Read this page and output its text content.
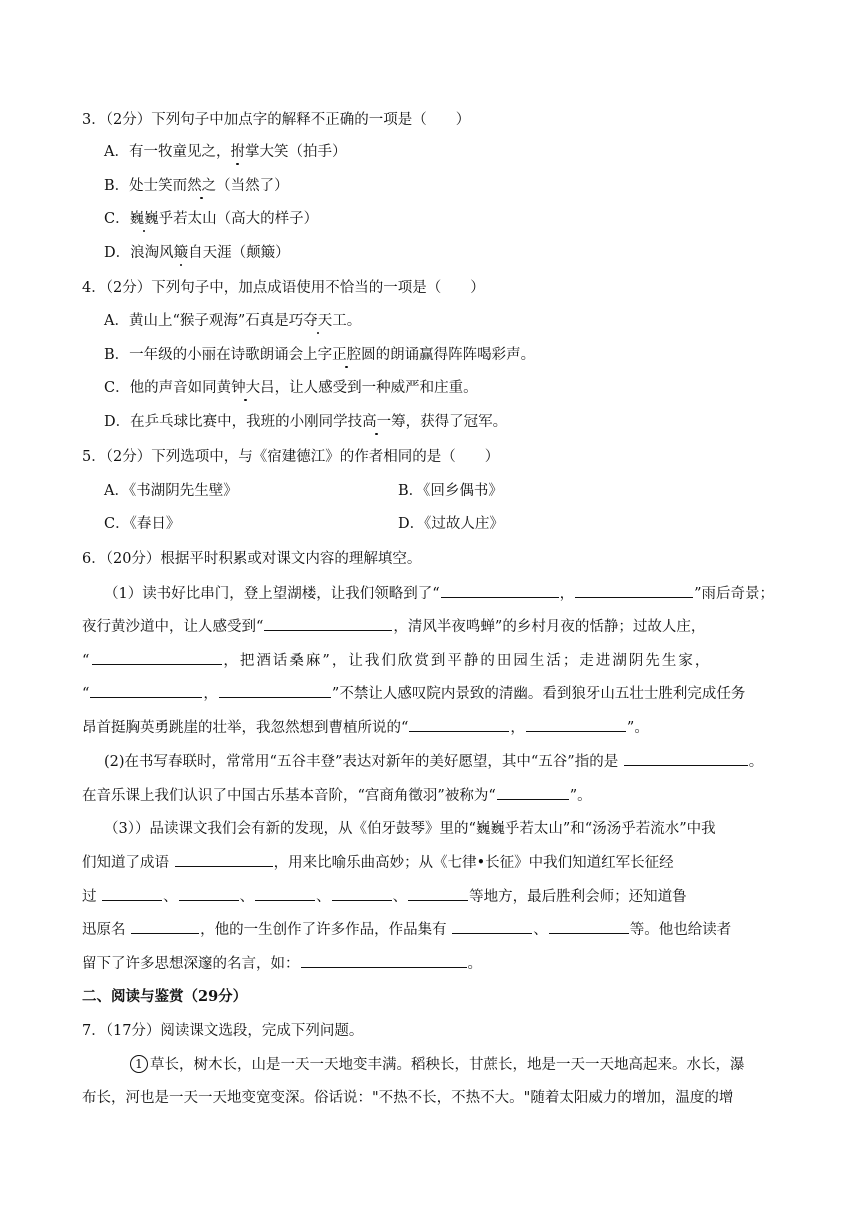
3．（2分）下列句子中加点字的解释不正确的一项是（　　）
A．有一牧童见之，拊掌大笑（拍手）
B．处士笑而然之（当然了）
C．巍巍乎若太山（高大的样子）
D．浪淘风簸自天涯（颠簸）
4．（2分）下列句子中，加点成语使用不恰当的一项是（　　）
A．黄山上“猴子观海”石真是巧夺天工。
B．一年级的小丽在诗歌朗诵会上字正腔圆的朗诵赢得阵阵喝彩声。
C．他的声音如同黄钟大吕，让人感受到一种威严和庄重。
D．在乒乓球比赛中，我班的小刚同学技高一筹，获得了冠军。
5．（2分）下列选项中，与《宿建德江》的作者相同的是（　　）
A．《书湖阴先生壁》	B．《回乡偶书》
C．《春日》	D．《过故人庄》
6．（20分）根据平时积累或对课文内容的理解填空。
（1）读书好比串门，登上望湖楼，让我们领略到了“	，	”雨后奇景；
夜行黄沙道中，让人感受到“	，清风半夜鸣蝉”的乡村月夜的恬静；过故人庄，
“	，把酒话桑麻”，让我们欣赏到平静的田园生活；走进湖阴先生家，
“	，	”不禁让人感叹院内景致的清幽。看到狼牙山五壮士胜利完成任务
昂首挺胸英勇跳崖的壮举，我忽然想到曹植所说的“	，	”。
(2)在书写春联时，常常用“五谷丰登”表达对新年的美好愿望，其中“五谷”指的是	。
在音乐课上我们认识了中国古乐基本音阶，“宫商角徵羽”被称为“	”。
（3））品读课文我们会有新的发现，从《伯牙鼓琴》里的“巍巍乎若太山”和“汤汤乎若流水”中我
们知道了成语	，用来比喻乐曲高妙；从《七律•长征》中我们知道红军长征经
过	、	、	、	、	等地方，最后胜利会师；还知道鲁
迅原名	，他的一生创作了许多作品，作品集有	、	等。他也给读者
留下了许多思想深邃的名言，如：	。
二、阅读与鉴赏（29分）
7．（17分）阅读课文选段，完成下列问题。
1 草长，树木长，山是一天一天地变丰满。稻秧长，甘蔗长，地是一天一天地高起来。水长，瀑
布长，河也是一天一天地变宽变深。俗话说："不热不长，不热不大。"随着太阳威力的增加，温度的增
